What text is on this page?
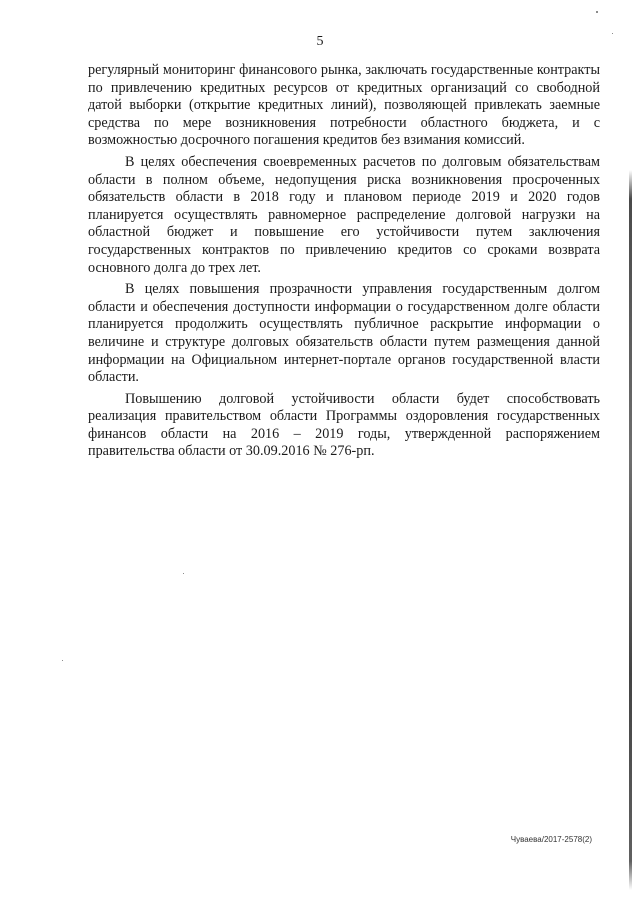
5

регулярный мониторинг финансового рынка, заключать государственные контракты по привлечению кредитных ресурсов от кредитных организаций со свободной датой выборки (открытие кредитных линий), позволяющей привлекать заемные средства по мере возникновения потребности областного бюджета, и с возможностью досрочного погашения кредитов без взимания комиссий.

В целях обеспечения своевременных расчетов по долговым обязательствам области в полном объеме, недопущения риска возникновения просроченных обязательств области в 2018 году и плановом периоде 2019 и 2020 годов планируется осуществлять равномерное распределение долговой нагрузки на областной бюджет и повышение его устойчивости путем заключения государственных контрактов по привлечению кредитов со сроками возврата основного долга до трех лет.

В целях повышения прозрачности управления государственным долгом области и обеспечения доступности информации о государственном долге области планируется продолжить осуществлять публичное раскрытие информации о величине и структуре долговых обязательств области путем размещения данной информации на Официальном интернет-портале органов государственной власти области.

Повышению долговой устойчивости области будет способствовать реализация правительством области Программы оздоровления государственных финансов области на 2016 – 2019 годы, утвержденной распоряжением правительства области от 30.09.2016 № 276-рп.

Чуваева/2017-2578(2)
